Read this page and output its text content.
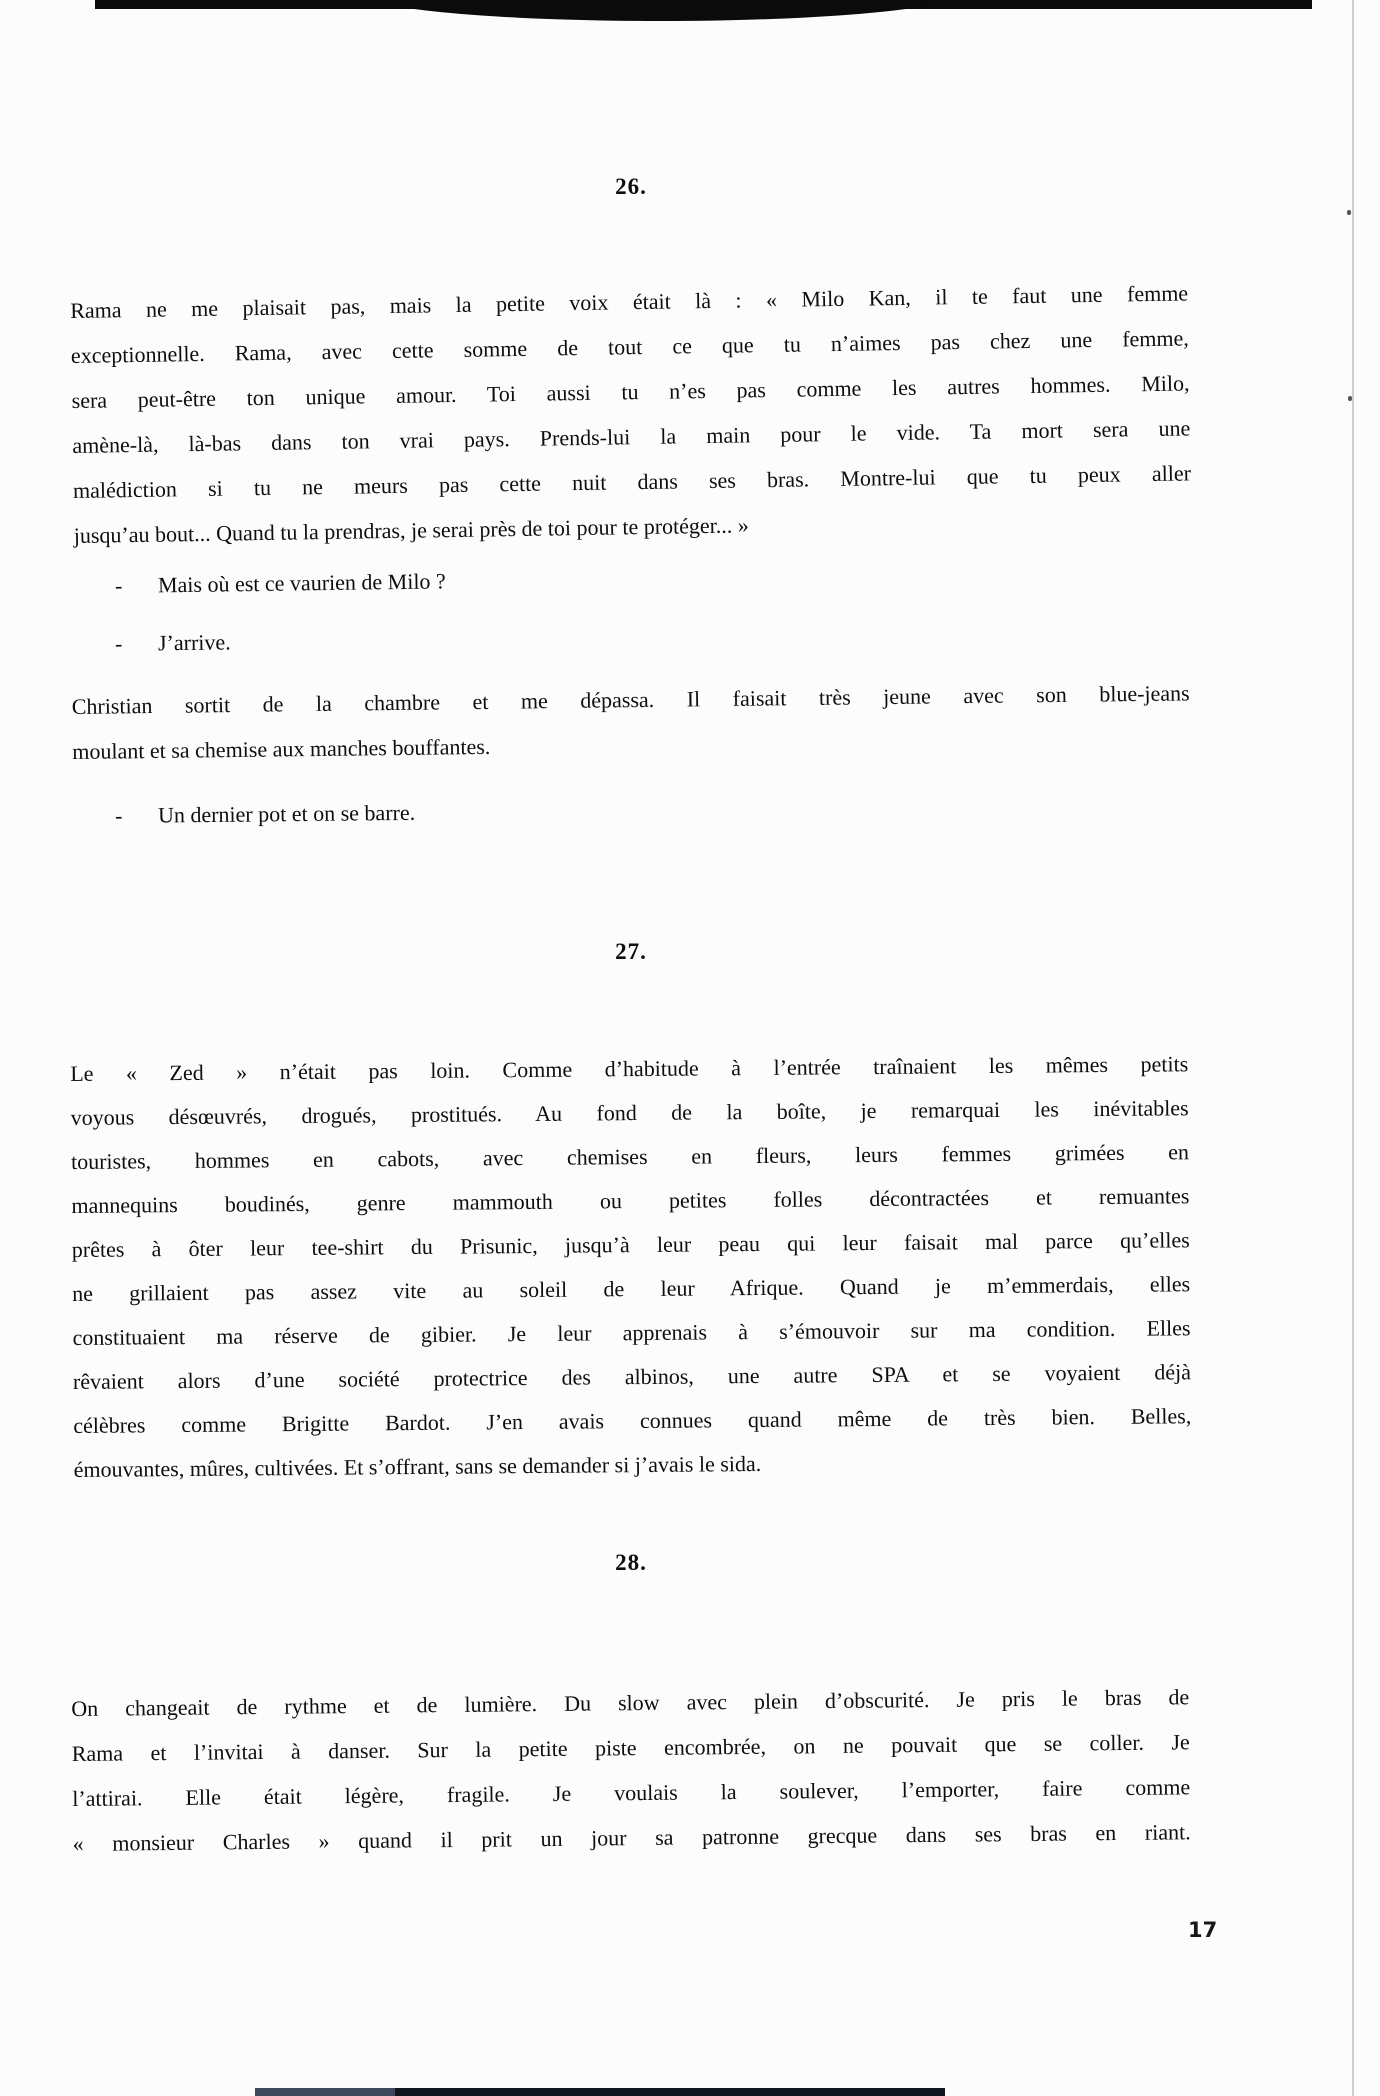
26.
Rama ne me plaisait pas, mais la petite voix était là : « Milo Kan, il te faut une femme
exceptionnelle. Rama, avec cette somme de tout ce que tu n’aimes pas chez une femme,
sera peut-être ton unique amour. Toi aussi tu n’es pas comme les autres hommes. Milo,
amène-là, là-bas dans ton vrai pays. Prends-lui la main pour le vide. Ta mort sera une
malédiction si tu ne meurs pas cette nuit dans ses bras. Montre-lui que tu peux aller
jusqu’au bout... Quand tu la prendras, je serai près de toi pour te protéger... »
- Mais où est ce vaurien de Milo ?
- J’arrive.
Christian sortit de la chambre et me dépassa. Il faisait très jeune avec son blue-jeans
moulant et sa chemise aux manches bouffantes.
- Un dernier pot et on se barre.
27.
Le « Zed » n’était pas loin. Comme d’habitude à l’entrée traînaient les mêmes petits
voyous désœuvrés, drogués, prostitués. Au fond de la boîte, je remarquai les inévitables
touristes, hommes en cabots, avec chemises en fleurs, leurs femmes grimées en
mannequins boudinés, genre mammouth ou petites folles décontractées et remuantes
prêtes à ôter leur tee-shirt du Prisunic, jusqu’à leur peau qui leur faisait mal parce qu’elles
ne grillaient pas assez vite au soleil de leur Afrique. Quand je m’emmerdais, elles
constituaient ma réserve de gibier. Je leur apprenais à s’émouvoir sur ma condition. Elles
rêvaient alors d’une société protectrice des albinos, une autre SPA et se voyaient déjà
célèbres comme Brigitte Bardot. J’en avais connues quand même de très bien. Belles,
émouvantes, mûres, cultivées. Et s’offrant, sans se demander si j’avais le sida.
28.
On changeait de rythme et de lumière. Du slow avec plein d’obscurité. Je pris le bras de
Rama et l’invitai à danser. Sur la petite piste encombrée, on ne pouvait que se coller. Je
l’attirai. Elle était légère, fragile. Je voulais la soulever, l’emporter, faire comme
« monsieur Charles » quand il prit un jour sa patronne grecque dans ses bras en riant.
17
